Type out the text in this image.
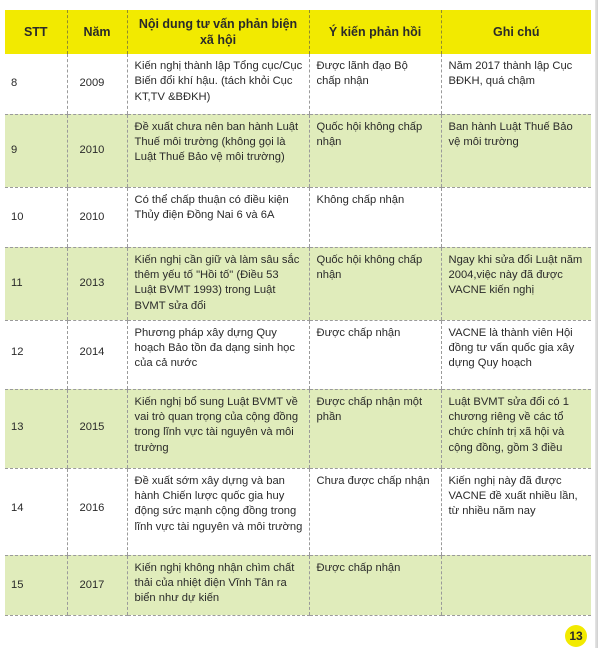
STT	Năm	Nội dung tư vấn phản biện xã hội	Ý kiến phản hồi	Ghi chú
8	2009	Kiến nghị thành lập Tổng cục/Cục Biến đổi khí hậu. (tách khỏi Cục KT,TV &BĐKH)	Được lãnh đạo Bộ chấp nhận	Năm 2017 thành lập Cục BĐKH, quá chậm
9	2010	Đề xuất chưa nên ban hành Luật Thuế môi trường (không gọi là Luật Thuế Bảo vệ môi trường)	Quốc hội không chấp nhận	Ban hành Luật Thuế Bảo vệ môi trường
10	2010	Có thể chấp thuận có điều kiện Thủy điện Đồng Nai 6 và 6A	Không chấp nhận	
11	2013	Kiến nghị cần giữ và làm sâu sắc thêm yếu tố "Hồi tố" (Điều 53 Luật BVMT 1993) trong Luật BVMT sửa đổi	Quốc hội không chấp nhận	Ngay khi sửa đổi Luật năm 2004,việc này đã được VACNE kiến nghị
12	2014	Phương pháp xây dựng Quy hoạch Bảo tồn đa dạng sinh học của cả nước	Được chấp nhận	VACNE là thành viên Hội đồng tư vấn quốc gia xây dựng Quy hoạch
13	2015	Kiến nghị bổ sung Luật BVMT về vai trò quan trọng của cộng đồng trong lĩnh vực tài nguyên và môi trường	Được chấp nhận một phần	Luật BVMT sửa đổi có 1 chương riêng về các tổ chức chính trị xã hội và cộng đồng, gồm 3 điều
14	2016	Đề xuất sớm xây dựng và ban hành Chiến lược quốc gia huy động sức mạnh cộng đồng trong lĩnh vực tài nguyên và môi trường	Chưa được chấp nhận	Kiến nghị này đã được VACNE đề xuất nhiều lần, từ nhiều năm nay
15	2017	Kiến nghị không nhận chìm chất thải của nhiệt điện Vĩnh Tân ra biển như dự kiến	Được chấp nhận	
13
